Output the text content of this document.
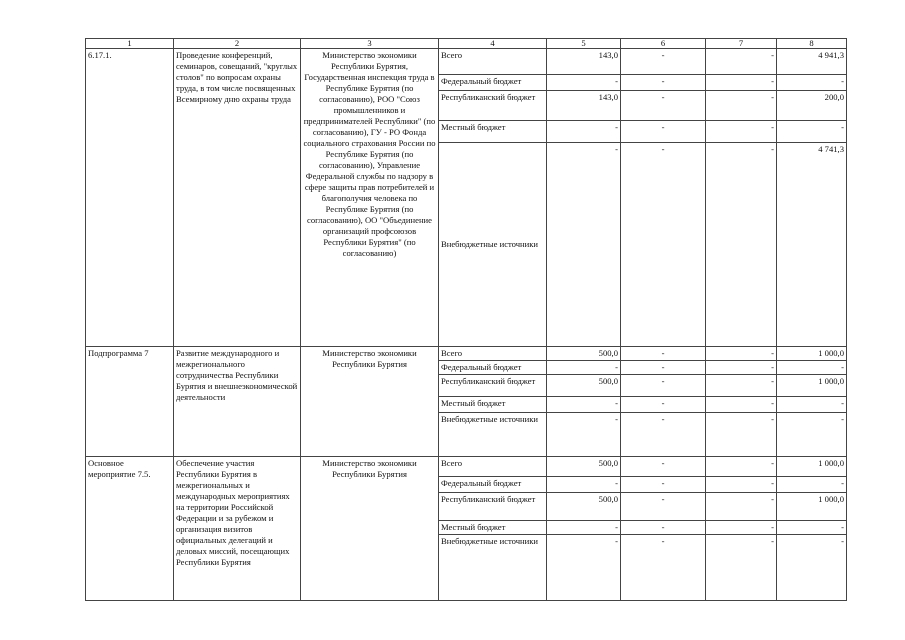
1	2	3	4	5	6	7	8
6.17.1.	Проведение конференций, семинаров, совещаний, "круглых столов" по вопросам охраны труда, в том числе посвященных Всемирному дню охраны труда	Министерство экономики Республики Бурятия, Государственная инспекция труда в Республике Бурятия (по согласованию), РОО "Союз промышленников и предпринимателей Республики" (по согласованию), ГУ - РО Фонда социального страхования России по Республике Бурятия (по согласованию), Управление Федеральной службы по надзору в сфере защиты прав потребителей и благополучия человека по Республике Бурятия (по согласованию), ОО "Объединение организаций профсоюзов Республики Бурятия" (по согласованию)	Всего	143,0	-	-	4 941,3
			Федеральный бюджет	-	-	-	-
			Республиканский бюджет	143,0	-	-	200,0
			Местный бюджет	-	-	-	-
			Внебюджетные источники	-	-	-	4 741,3
Подпрограмма 7	Развитие международного и межрегионального сотрудничества Республики Бурятия и внешнеэкономической деятельности	Министерство экономики Республики Бурятия	Всего	500,0	-	-	1 000,0
			Федеральный бюджет	-	-	-	-
			Республиканский бюджет	500,0	-	-	1 000,0
			Местный бюджет	-	-	-	-
			Внебюджетные источники	-	-	-	-
Основное мероприятие 7.5.	Обеспечение участия Республики Бурятия в межрегиональных и международных мероприятиях на территории Российской Федерации и за рубежом и организация визитов официальных делегаций и деловых миссий, посещающих Республики Бурятия	Министерство экономики Республики Бурятия	Всего	500,0	-	-	1 000,0
			Федеральный бюджет	-	-	-	-
			Республиканский бюджет	500,0	-	-	1 000,0
			Местный бюджет	-	-	-	-
			Внебюджетные источники	-	-	-	-
